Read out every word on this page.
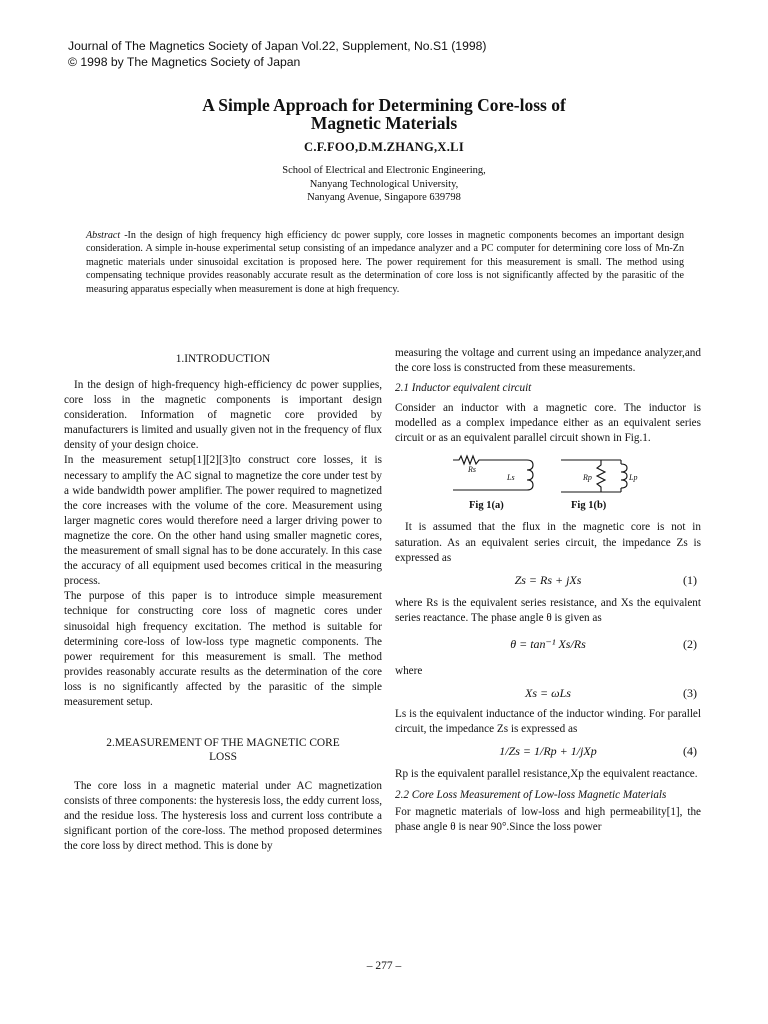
Journal of The Magnetics Society of Japan Vol.22, Supplement, No.S1 (1998)
© 1998 by The Magnetics Society of Japan
A Simple Approach for Determining Core-loss of
Magnetic Materials
C.F.FOO,D.M.ZHANG,X.LI
School of Electrical and Electronic Engineering,
Nanyang Technological University,
Nanyang Avenue, Singapore 639798
Abstract -In the design of high frequency high efficiency dc power supply, core losses in magnetic components becomes an important design consideration. A simple in-house experimental setup consisting of an impedance analyzer and a PC computer for determining core loss of Mn-Zn magnetic materials under sinusoidal excitation is proposed here. The power requirement for this measurement is small. The method using compensating technique provides reasonably accurate result as the determination of core loss is not significantly affected by the parasitic of the measuring apparatus especially when measurement is done at high frequency.
1.INTRODUCTION

In the design of high-frequency high-efficiency dc power supplies, core loss in the magnetic components is important design consideration. Information of magnetic core provided by manufacturers is limited and usually given not in the frequency of flux density of your design choice.

In the measurement setup[1][2][3]to construct core losses, it is necessary to amplify the AC signal to magnetize the core under test by a wide bandwidth power amplifier. The power required to magnetized the core increases with the volume of the core. Measurement using larger magnetic cores would therefore need a larger driving power to magnetize the core. On the other hand using smaller magnetic cores, the measurement of small signal has to be done accurately. In this case the accuracy of all equipment used becomes critical in the measuring process.

The purpose of this paper is to introduce simple measurement technique for constructing core loss of magnetic cores under sinusoidal high frequency excitation. The method is suitable for determining core-loss of low-loss type magnetic components. The power requirement for this measurement is small. The method provides reasonably accurate results as the determination of the core loss is no significantly affected by the parasitic of the simple measurement setup.

2.MEASUREMENT OF THE MAGNETIC CORE
LOSS

The core loss in a magnetic material under AC magnetization consists of three components: the hysteresis loss, the eddy current loss, and the residue loss. The hysteresis loss and current loss contribute a significant portion of the core-loss. The method proposed determines the core loss by direct method. This is done by

measuring the voltage and current using an impedance analyzer,and the core loss is constructed from these measurements.

2.1 Inductor equivalent circuit

Consider an inductor with a magnetic core. The inductor is modelled as a complex impedance either as an equivalent series circuit or as an equivalent parallel circuit shown in Fig.1.

Rs
Ls	Rp	Lp
Fig 1(a)	Fig 1(b)

It is assumed that the flux in the magnetic core is not in saturation. As an equivalent series circuit, the impedance Zs is expressed as

Zs = Rs + jXs	(1)

where Rs is the equivalent series resistance, and Xs the equivalent series reactance. The phase angle θ is given as

θ = tan⁻¹ Xs/Rs	(2)

where

Xs = ωLs	(3)

Ls is the equivalent inductance of the inductor winding. For parallel circuit, the impedance Zs is expressed as

1/Zs = 1/Rp + 1/jXp	(4)

Rp is the equivalent parallel resistance,Xp the equivalent reactance.

2.2 Core Loss Measurement of Low-loss Magnetic Materials

For magnetic materials of low-loss and high permeability[1], the phase angle θ is near 90°.Since the loss power

– 277 –
